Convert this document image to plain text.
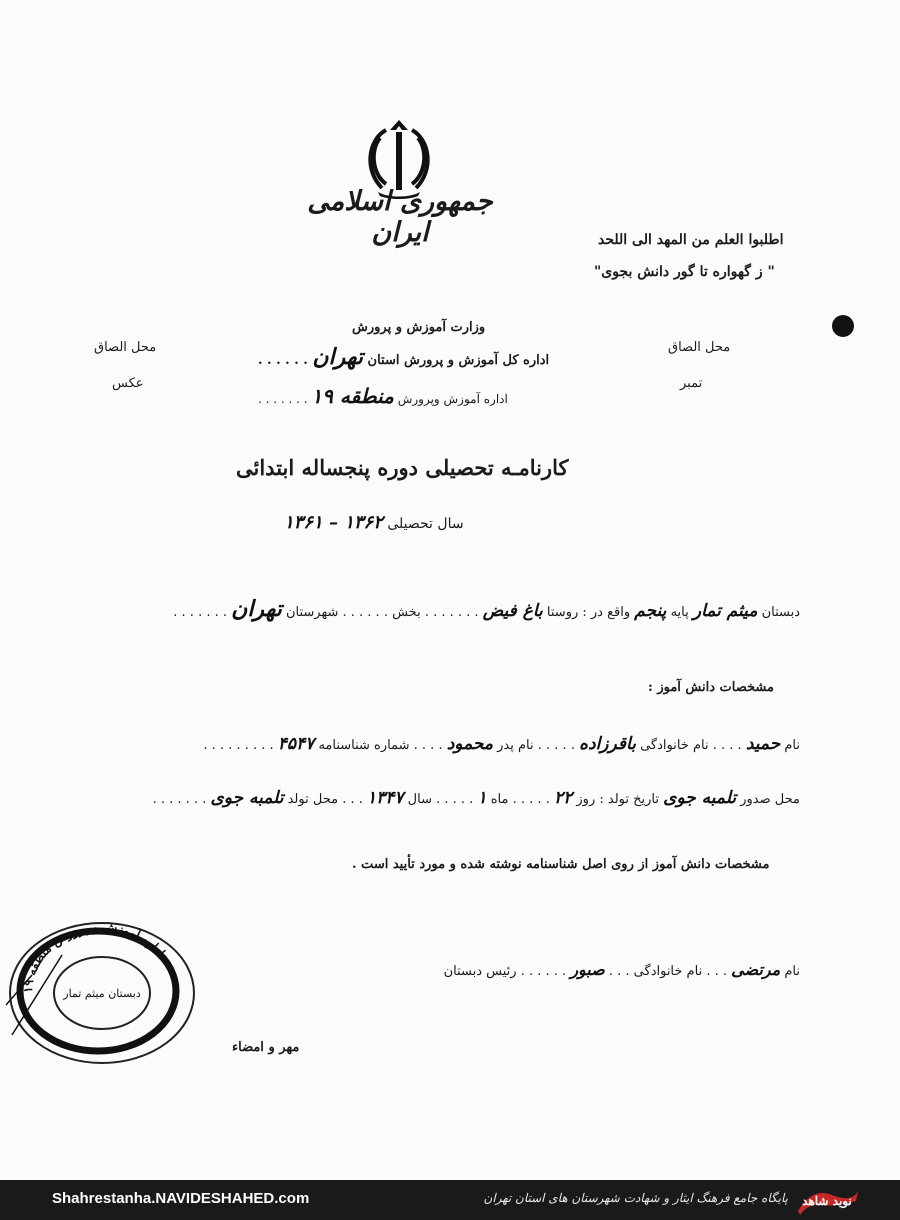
جمهوری اسلامی ایران	اطلبوا العلم من المهد الی اللحد
" ز گهواره تا گور دانش بجوی"
محل الصاق
تمبر
محل الصاق
عکس
وزارت آموزش و پرورش
اداره کل آموزش و پرورش استان تهران . . . . . .
اداره آموزش وپرورش منطقه ۱۹ . . . . . . .
کارنامـه تحصیلی دوره پنجساله ابتدائی
سال تحصیلی ۱۳۶۲ – ۱۳۶۱
دبستان میثم تمار پایه پنجم واقع در : روستا باغ فیض . . . . . . . بخش . . . . . . شهرستان تهران . . . . . . .
مشخصات دانش آموز :
نام حمید . . . . نام خانوادگی باقرزاده . . . . . نام پدر محمود . . . . شماره شناسنامه ۴۵۴۷ . . . . . . . . .
محل صدور تلمبه جوی تاریخ تولد : روز ۲۲ . . . . . ماه ۱ . . . . . سال ۱۳۴۷ . . . محل تولد تلمبه جوی . . . . . . .
مشخصات دانش آموز از روی اصل شناسنامه نوشته شده و مورد تأیید است .
نام مرتضی . . . نام خانوادگی . . . صبور . . . . . . رئیس دبستان
مهر و امضاء
اداره آموزش و پرورش منطقه ۱۹
دبستان میثم تمار
Shahrestanha.NAVIDESHAHED.com	پایگاه جامع فرهنگ ایثار و شهادت شهرستان های استان تهران نوید شاهد
